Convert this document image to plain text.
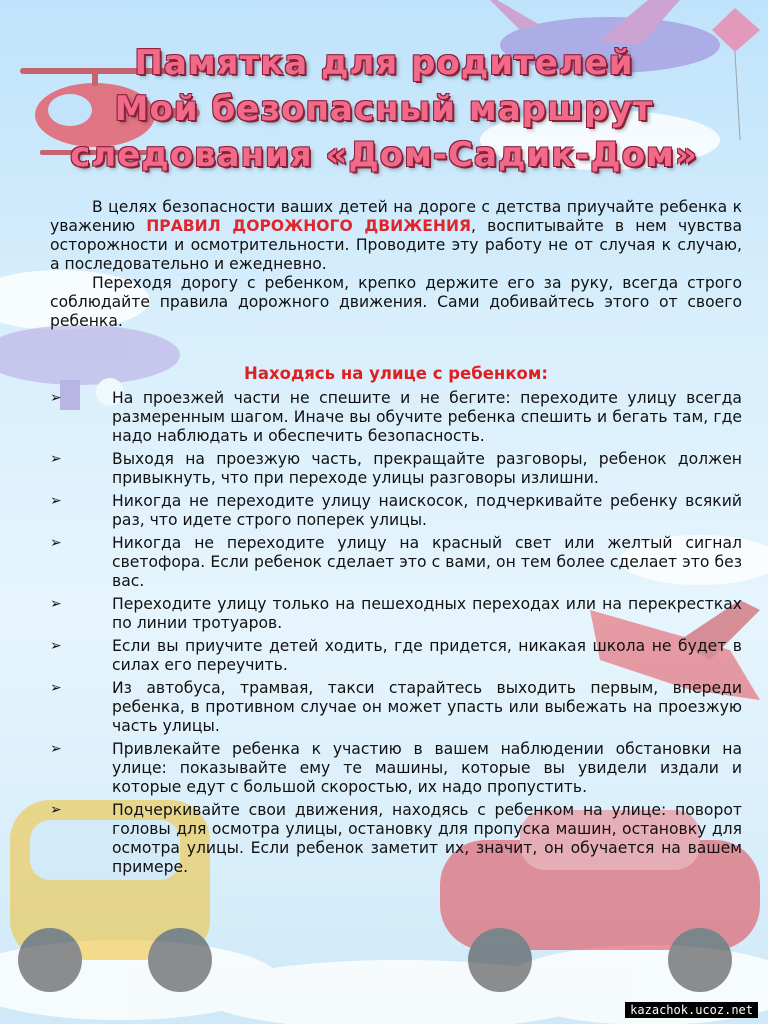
Памятка для родителей
Мой безопасный маршрут
следования «Дом-Садик-Дом»

В целях безопасности ваших детей на дороге с детства приучайте ребенка к уважению ПРАВИЛ ДОРОЖНОГО ДВИЖЕНИЯ, воспитывайте в нем чувства осторожности и осмотрительности. Проводите эту работу не от случая к случаю, а последовательно и ежедневно.

Переходя дорогу с ребенком, крепко держите его за руку, всегда строго соблюдайте правила дорожного движения. Сами добивайтесь этого от своего ребенка.

Находясь на улице с ребенком:
➢	На проезжей части не спешите и не бегите: переходите улицу всегда размеренным шагом. Иначе вы обучите ребенка спешить и бегать там, где надо наблюдать и обеспечить безопасность.
➢	Выходя на проезжую часть, прекращайте разговоры, ребенок должен привыкнуть, что при переходе улицы разговоры излишни.
➢	Никогда не переходите улицу наискосок, подчеркивайте ребенку всякий раз, что идете строго поперек улицы.
➢	Никогда не переходите улицу на красный свет или желтый сигнал светофора. Если ребенок сделает это с вами, он тем более сделает это без вас.
➢	Переходите улицу только на пешеходных переходах или на перекрестках по линии тротуаров.
➢	Если вы приучите детей ходить, где придется, никакая школа не будет в силах его переучить.
➢	Из автобуса, трамвая, такси старайтесь выходить первым, впереди ребенка, в противном случае он может упасть или выбежать на проезжую часть улицы.
➢	Привлекайте ребенка к участию в вашем наблюдении обстановки на улице: показывайте ему те машины, которые вы увидели издали и которые едут с большой скоростью, их надо пропустить.
➢	Подчеркивайте свои движения, находясь с ребенком на улице: поворот головы для осмотра улицы, остановку для пропуска машин, остановку для осмотра улицы. Если ребенок заметит их, значит, он обучается на вашем примере.
kazachok.ucoz.net
